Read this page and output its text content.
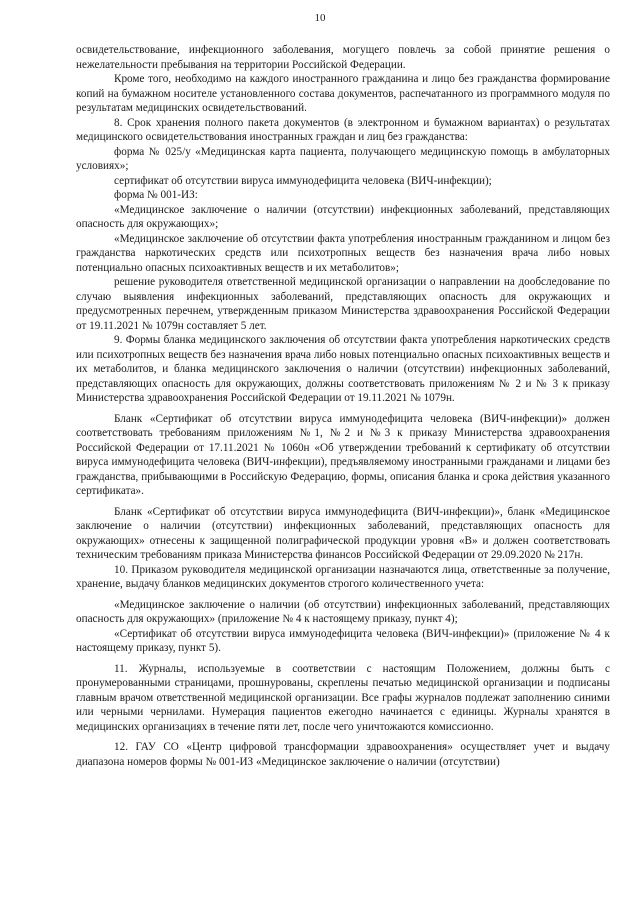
10

освидетельствование, инфекционного заболевания, могущего повлечь за собой принятие решения о нежелательности пребывания на территории Российской Федерации.

Кроме того, необходимо на каждого иностранного гражданина и лицо без гражданства формирование копий на бумажном носителе установленного состава документов, распечатанного из программного модуля по результатам медицинских освидетельствований.

8. Срок хранения полного пакета документов (в электронном и бумажном вариантах) о результатах медицинского освидетельствования иностранных граждан и лиц без гражданства:

форма № 025/у «Медицинская карта пациента, получающего медицинскую помощь в амбулаторных условиях»;

сертификат об отсутствии вируса иммунодефицита человека (ВИЧ-инфекции);

форма № 001-ИЗ:

«Медицинское заключение о наличии (отсутствии) инфекционных заболеваний, представляющих опасность для окружающих»;

«Медицинское заключение об отсутствии факта употребления иностранным гражданином и лицом без гражданства наркотических средств или психотропных веществ без назначения врача либо новых потенциально опасных психоактивных веществ и их метаболитов»;

решение руководителя ответственной медицинской организации о направлении на дообследование по случаю выявления инфекционных заболеваний, представляющих опасность для окружающих и предусмотренных перечнем, утвержденным приказом Министерства здравоохранения Российской Федерации от 19.11.2021 № 1079н составляет 5 лет.

9. Формы бланка медицинского заключения об отсутствии факта употребления наркотических средств или психотропных веществ без назначения врача либо новых потенциально опасных психоактивных веществ и их метаболитов, и бланка медицинского заключения о наличии (отсутствии) инфекционных заболеваний, представляющих опасность для окружающих, должны соответствовать приложениям № 2 и № 3 к приказу Министерства здравоохранения Российской Федерации от 19.11.2021 № 1079н.

Бланк «Сертификат об отсутствии вируса иммунодефицита человека (ВИЧ-инфекции)» должен соответствовать требованиям приложениям №1, №2 и №3 к приказу Министерства здравоохранения Российской Федерации от 17.11.2021 № 1060н «Об утверждении требований к сертификату об отсутствии вируса иммунодефицита человека (ВИЧ-инфекции), предъявляемому иностранными гражданами и лицами без гражданства, прибывающими в Российскую Федерацию, формы, описания бланка и срока действия указанного сертификата».

Бланк «Сертификат об отсутствии вируса иммунодефицита (ВИЧ-инфекции)», бланк «Медицинское заключение о наличии (отсутствии) инфекционных заболеваний, представляющих опасность для окружающих» отнесены к защищенной полиграфической продукции уровня «В» и должен соответствовать техническим требованиям приказа Министерства финансов Российской Федерации от 29.09.2020 № 217н.

10. Приказом руководителя медицинской организации назначаются лица, ответственные за получение, хранение, выдачу бланков медицинских документов строгого количественного учета:

«Медицинское заключение о наличии (об отсутствии) инфекционных заболеваний, представляющих опасность для окружающих» (приложение № 4 к настоящему приказу, пункт 4);

«Сертификат об отсутствии вируса иммунодефицита человека (ВИЧ-инфекции)» (приложение № 4 к настоящему приказу, пункт 5).

11. Журналы, используемые в соответствии с настоящим Положением, должны быть с пронумерованными страницами, прошнурованы, скреплены печатью медицинской организации и подписаны главным врачом ответственной медицинской организации. Все графы журналов подлежат заполнению синими или черными чернилами. Нумерация пациентов ежегодно начинается с единицы. Журналы хранятся в медицинских организациях в течение пяти лет, после чего уничтожаются комиссионно.

12. ГАУ СО «Центр цифровой трансформации здравоохранения» осуществляет учет и выдачу диапазона номеров формы № 001-ИЗ «Медицинское заключение о наличии (отсутствии)
